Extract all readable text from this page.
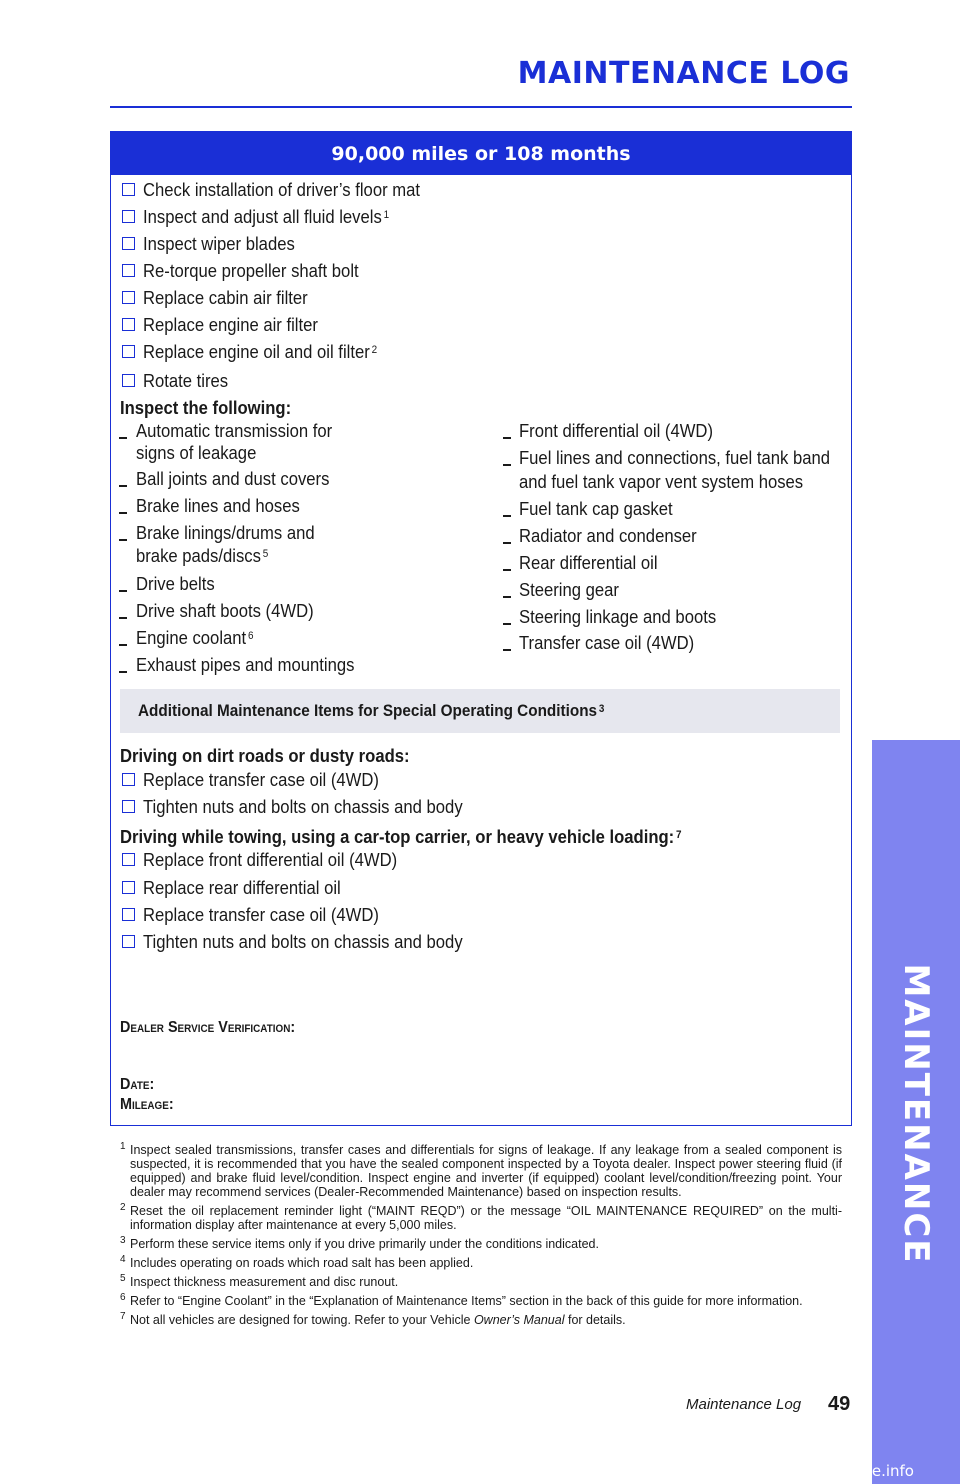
MAINTENANCE LOG
90,000 miles or 108 months
Check installation of driver’s floor mat
Inspect and adjust all fluid levels $^1$
Inspect wiper blades
Re-torque propeller shaft bolt
Replace cabin air filter
Replace engine air filter
Replace engine oil and oil filter $^2$
Rotate tires
Inspect the following:
Automatic transmission for
signs of leakage
Ball joints and dust covers
Brake lines and hoses
Brake linings/drums and
brake pads/discs $^5$
Drive belts
Drive shaft boots (4WD)
Engine coolant $^6$
Exhaust pipes and mountings
Front differential oil (4WD)
Fuel lines and connections, fuel tank band
and fuel tank vapor vent system hoses
Fuel tank cap gasket
Radiator and condenser
Rear differential oil
Steering gear
Steering linkage and boots
Transfer case oil (4WD)
Additional Maintenance Items for Special Operating Conditions $^3$
Driving on dirt roads or dusty roads:
Replace transfer case oil (4WD)
Tighten nuts and bolts on chassis and body
Driving while towing, using a car-top carrier, or heavy vehicle loading: $^7$
Replace front differential oil (4WD)
Replace rear differential oil
Replace transfer case oil (4WD)
Tighten nuts and bolts on chassis and body
Dealer Service Verification:
Date:
Mileage:
1 Inspect sealed transmissions, transfer cases and differentials for signs of leakage. If any leakage from a sealed component is suspected, it is recommended that you have the sealed component inspected by a Toyota dealer. Inspect power steering fluid (if equipped) and brake fluid level/condition. Inspect engine and inverter (if equipped) coolant level/condition/freezing point. Your dealer may recommend services (Dealer-Recommended Maintenance) based on inspection results.
2 Reset the oil replacement reminder light (“MAINT REQD”) or the message “OIL MAINTENANCE REQUIRED” on the multi-information display after maintenance at every 5,000 miles.
3 Perform these service items only if you drive primarily under the conditions indicated.
4 Includes operating on roads which road salt has been applied.
5 Inspect thickness measurement and disc runout.
6 Refer to “Engine Coolant” in the “Explanation of Maintenance Items” section in the back of this guide for more information.
7 Not all vehicles are designed for towing. Refer to your Vehicle Owner’s Manual for details.
Maintenance Log 49
MAINTENANCE
carmanualsonline.info
